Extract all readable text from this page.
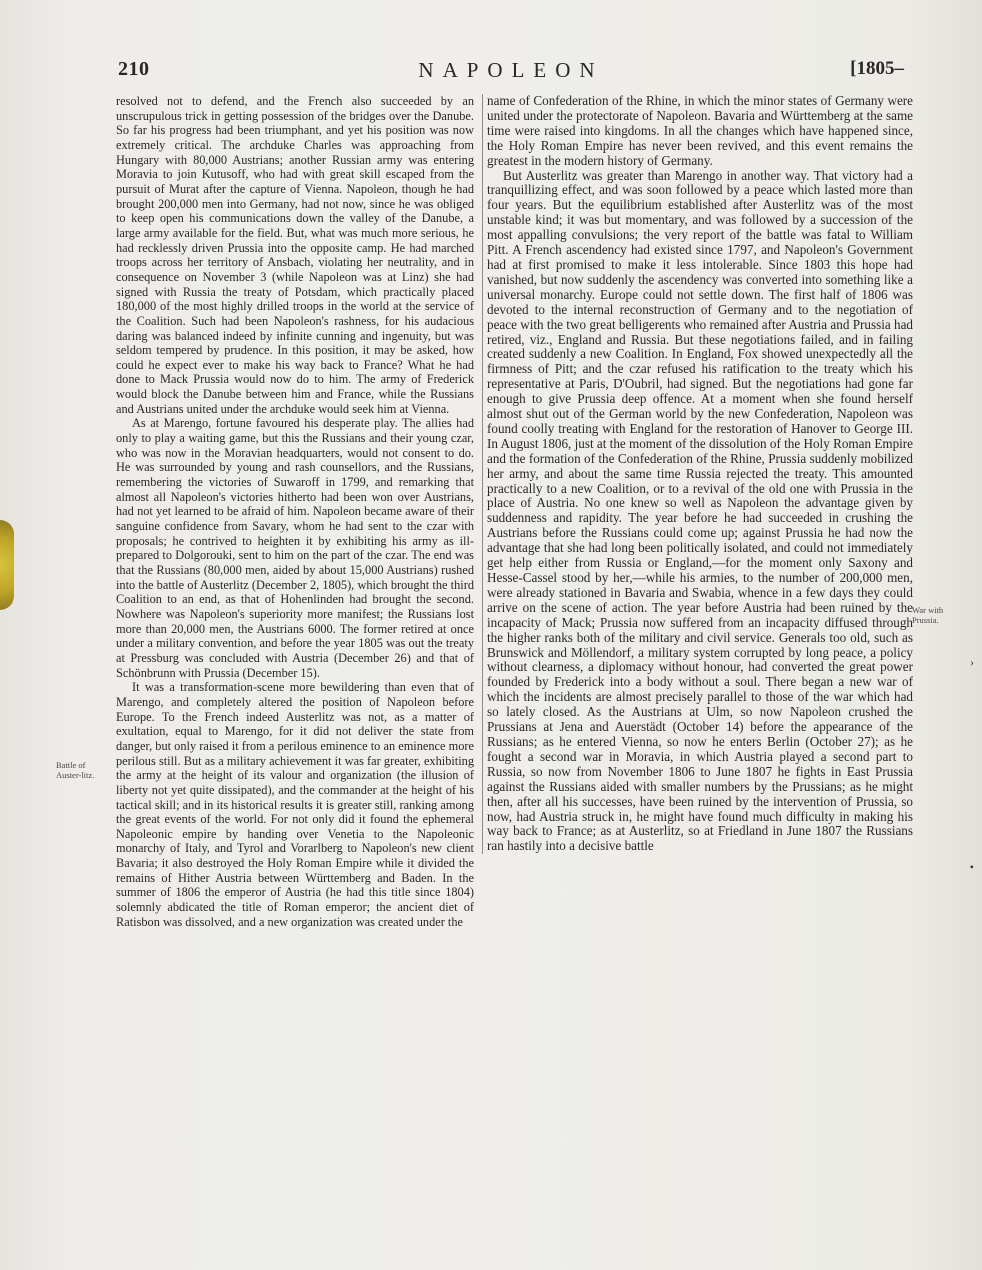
210	NAPOLEON	[1805–

resolved not to defend, and the French also succeeded by an unscrupulous trick in getting possession of the bridges over the Danube. So far his progress had been triumphant, and yet his position was now extremely critical. The archduke Charles was approaching from Hungary with 80,000 Austrians; another Russian army was entering Moravia to join Kutusoff, who had with great skill escaped from the pursuit of Murat after the capture of Vienna. Napoleon, though he had brought 200,000 men into Germany, had not now, since he was obliged to keep open his communications down the valley of the Danube, a large army available for the field. But, what was much more serious, he had recklessly driven Prussia into the opposite camp. He had marched troops across her territory of Ansbach, violating her neutrality, and in consequence on November 3 (while Napoleon was at Linz) she had signed with Russia the treaty of Potsdam, which practically placed 180,000 of the most highly drilled troops in the world at the service of the Coalition. Such had been Napoleon's rashness, for his audacious daring was balanced indeed by infinite cunning and ingenuity, but was seldom tempered by prudence. In this position, it may be asked, how could he expect ever to make his way back to France? What he had done to Mack Prussia would now do to him. The army of Frederick would block the Danube between him and France, while the Russians and Austrians united under the archduke would seek him at Vienna.

As at Marengo, fortune favoured his desperate play. The allies had only to play a waiting game, but this the Russians and their young czar, who was now in the Moravian headquarters, would not consent to do. He was surrounded by young and rash counsellors, and the Russians, remembering the victories of Suwaroff in 1799, and remarking that almost all Napoleon's victories hitherto had been won over Austrians, had not yet learned to be afraid of him. Napoleon became aware of their sanguine confidence from Savary, whom he had sent to the czar with proposals; he contrived to heighten it by exhibiting his army as ill-prepared to Dolgorouki, sent to him on the part of the czar. The end was that the Russians (80,000 men, aided by about 15,000 Austrians) rushed into the battle of Austerlitz (December 2, 1805), which brought the third Coalition to an end, as that of Hohenlinden had brought the second. Nowhere was Napoleon's superiority more manifest; the Russians lost more than 20,000 men, the Austrians 6000. The former retired at once under a military convention, and before the year 1805 was out the treaty at Pressburg was concluded with Austria (December 26) and that of Schönbrunn with Prussia (December 15).

It was a transformation-scene more bewildering than even that of Marengo, and completely altered the position of Napoleon before Europe. To the French indeed Austerlitz was not, as a matter of exultation, equal to Marengo, for it did not deliver the state from danger, but only raised it from a perilous eminence to an eminence more perilous still. But as a military achievement it was far greater, exhibiting the army at the height of its valour and organization (the illusion of liberty not yet quite dissipated), and the commander at the height of his tactical skill; and in its historical results it is greater still, ranking among the great events of the world. For not only did it found the ephemeral Napoleonic empire by handing over Venetia to the Napoleonic monarchy of Italy, and Tyrol and Vorarlberg to Napoleon's new client Bavaria; it also destroyed the Holy Roman Empire while it divided the remains of Hither Austria between Württemberg and Baden. In the summer of 1806 the emperor of Austria (he had this title since 1804) solemnly abdicated the title of Roman emperor; the ancient diet of Ratisbon was dissolved, and a new organization was created under the

name of Confederation of the Rhine, in which the minor states of Germany were united under the protectorate of Napoleon. Bavaria and Württemberg at the same time were raised into kingdoms. In all the changes which have happened since, the Holy Roman Empire has never been revived, and this event remains the greatest in the modern history of Germany.

But Austerlitz was greater than Marengo in another way. That victory had a tranquillizing effect, and was soon followed by a peace which lasted more than four years. But the equilibrium established after Austerlitz was of the most unstable kind; it was but momentary, and was followed by a succession of the most appalling convulsions; the very report of the battle was fatal to William Pitt. A French ascendency had existed since 1797, and Napoleon's Government had at first promised to make it less intolerable. Since 1803 this hope had vanished, but now suddenly the ascendency was converted into something like a universal monarchy. Europe could not settle down. The first half of 1806 was devoted to the internal reconstruction of Germany and to the negotiation of peace with the two great belligerents who remained after Austria and Prussia had retired, viz., England and Russia. But these negotiations failed, and in failing created suddenly a new Coalition. In England, Fox showed unexpectedly all the firmness of Pitt; and the czar refused his ratification to the treaty which his representative at Paris, D'Oubril, had signed. But the negotiations had gone far enough to give Prussia deep offence. At a moment when she found herself almost shut out of the German world by the new Confederation, Napoleon was found coolly treating with England for the restoration of Hanover to George III. In August 1806, just at the moment of the dissolution of the Holy Roman Empire and the formation of the Confederation of the Rhine, Prussia suddenly mobilized her army, and about the same time Russia rejected the treaty. This amounted practically to a new Coalition, or to a revival of the old one with Prussia in the place of Austria. No one knew so well as Napoleon the advantage given by suddenness and rapidity. The year before he had succeeded in crushing the Austrians before the Russians could come up; against Prussia he had now the advantage that she had long been politically isolated, and could not immediately get help either from Russia or England,—for the moment only Saxony and Hesse-Cassel stood by her,—while his armies, to the number of 200,000 men, were already stationed in Bavaria and Swabia, whence in a few days they could arrive on the scene of action. The year before Austria had been ruined by the incapacity of Mack; Prussia now suffered from an incapacity diffused through the higher ranks both of the military and civil service. Generals too old, such as Brunswick and Möllendorf, a military system corrupted by long peace, a policy without clearness, a diplomacy without honour, had converted the great power founded by Frederick into a body without a soul. There began a new war of which the incidents are almost precisely parallel to those of the war which had so lately closed. As the Austrians at Ulm, so now Napoleon crushed the Prussians at Jena and Auerstädt (October 14) before the appearance of the Russians; as he entered Vienna, so now he enters Berlin (October 27); as he fought a second war in Moravia, in which Austria played a second part to Russia, so now from November 1806 to June 1807 he fights in East Prussia against the Russians aided with smaller numbers by the Prussians; as he might then, after all his successes, have been ruined by the intervention of Prussia, so now, had Austria struck in, he might have found much difficulty in making his way back to France; as at Austerlitz, so at Friedland in June 1807 the Russians ran hastily into a decisive battle

Battle of Auster-litz.
War with Prussia.
›
•
